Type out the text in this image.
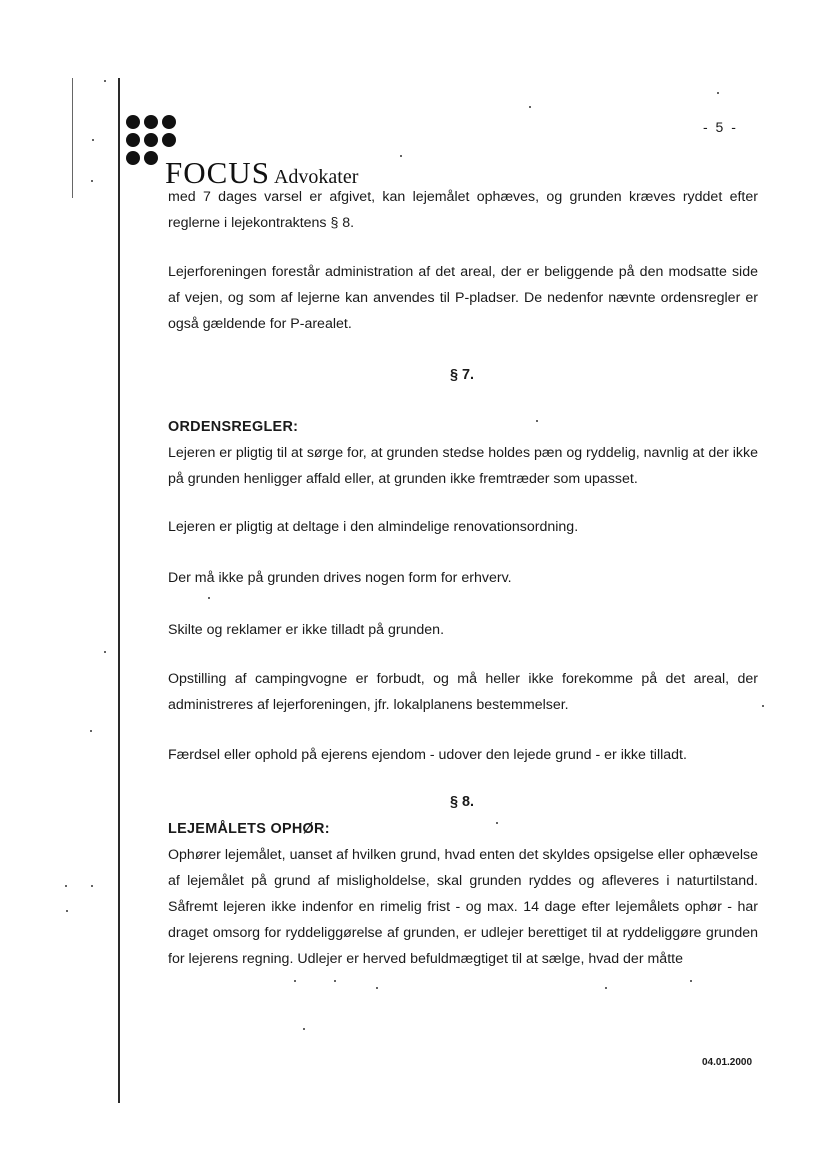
FOCUS Advokater
- 5 -

med 7 dages varsel er afgivet, kan lejemålet ophæves, og grunden kræves ryddet efter reglerne i lejekontraktens § 8.

Lejerforeningen forestår administration af det areal, der er beliggende på den modsatte side af vejen, og som af lejerne kan anvendes til P-pladser. De nedenfor nævnte ordensregler er også gældende for P-arealet.

§ 7.
ORDENSREGLER:

Lejeren er pligtig til at sørge for, at grunden stedse holdes pæn og ryddelig, navnlig at der ikke på grunden henligger affald eller, at grunden ikke fremtræder som upasset.

Lejeren er pligtig at deltage i den almindelige renovationsordning.

Der må ikke på grunden drives nogen form for erhverv.

Skilte og reklamer er ikke tilladt på grunden.

Opstilling af campingvogne er forbudt, og må heller ikke forekomme på det areal, der administreres af lejerforeningen, jfr. lokalplanens bestemmelser.

Færdsel eller ophold på ejerens ejendom - udover den lejede grund - er ikke tilladt.

§ 8.
LEJEMÅLETS OPHØR:

Ophører lejemålet, uanset af hvilken grund, hvad enten det skyldes opsigelse eller ophævelse af lejemålet på grund af misligholdelse, skal grunden ryddes og afleveres i naturtilstand. Såfremt lejeren ikke indenfor en rimelig frist - og max. 14 dage efter lejemålets ophør - har draget omsorg for ryddeliggørelse af grunden, er udlejer berettiget til at ryddeliggøre grunden for lejerens regning. Udlejer er herved befuldmægtiget til at sælge, hvad der måtte

04.01.2000
